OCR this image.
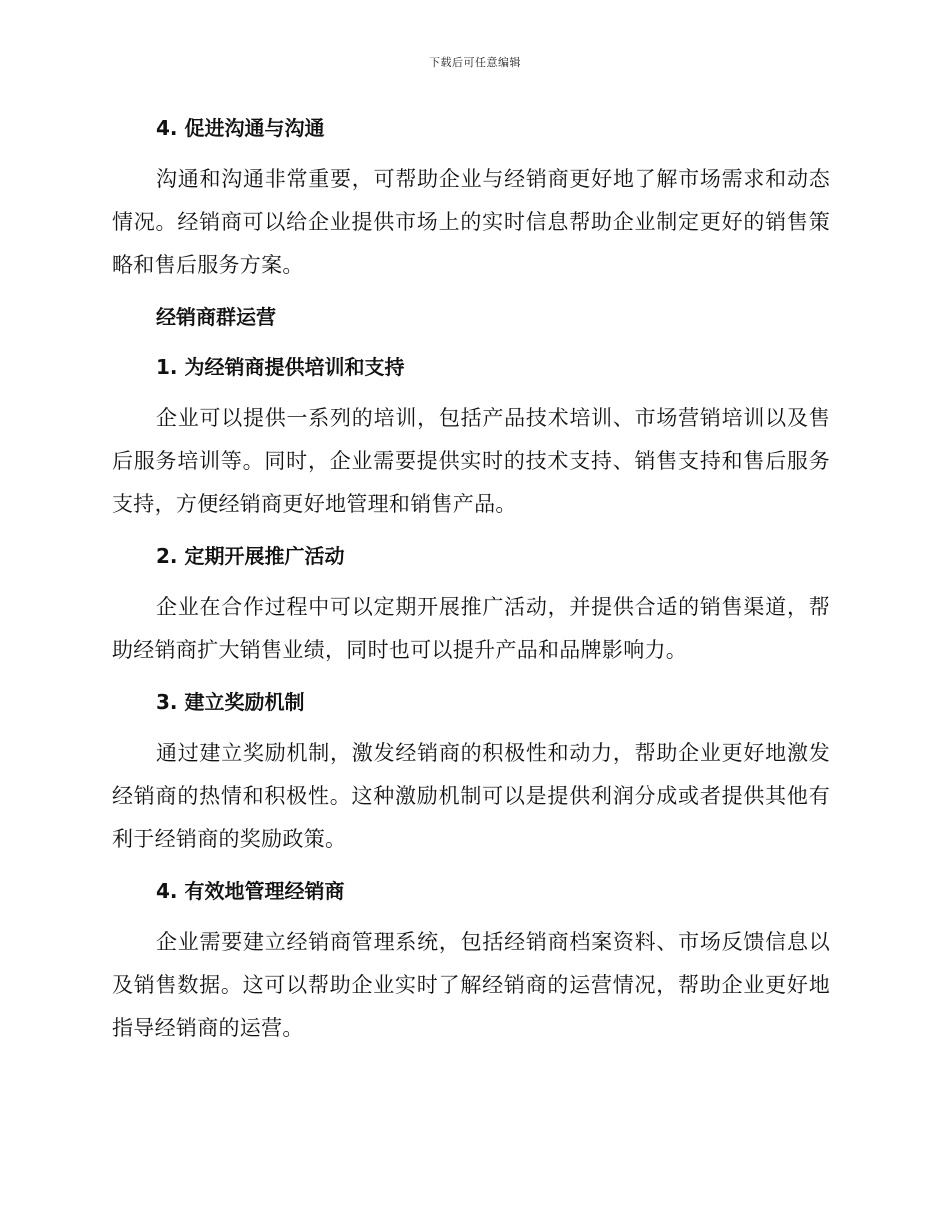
下载后可任意编辑
4. 促进沟通与沟通
沟通和沟通非常重要，可帮助企业与经销商更好地了解市场需求和动态情况。经销商可以给企业提供市场上的实时信息帮助企业制定更好的销售策略和售后服务方案。
经销商群运营
1. 为经销商提供培训和支持
企业可以提供一系列的培训，包括产品技术培训、市场营销培训以及售后服务培训等。同时，企业需要提供实时的技术支持、销售支持和售后服务支持，方便经销商更好地管理和销售产品。
2. 定期开展推广活动
企业在合作过程中可以定期开展推广活动，并提供合适的销售渠道，帮助经销商扩大销售业绩，同时也可以提升产品和品牌影响力。
3. 建立奖励机制
通过建立奖励机制，激发经销商的积极性和动力，帮助企业更好地激发经销商的热情和积极性。这种激励机制可以是提供利润分成或者提供其他有利于经销商的奖励政策。
4. 有效地管理经销商
企业需要建立经销商管理系统，包括经销商档案资料、市场反馈信息以及销售数据。这可以帮助企业实时了解经销商的运营情况，帮助企业更好地指导经销商的运营。
